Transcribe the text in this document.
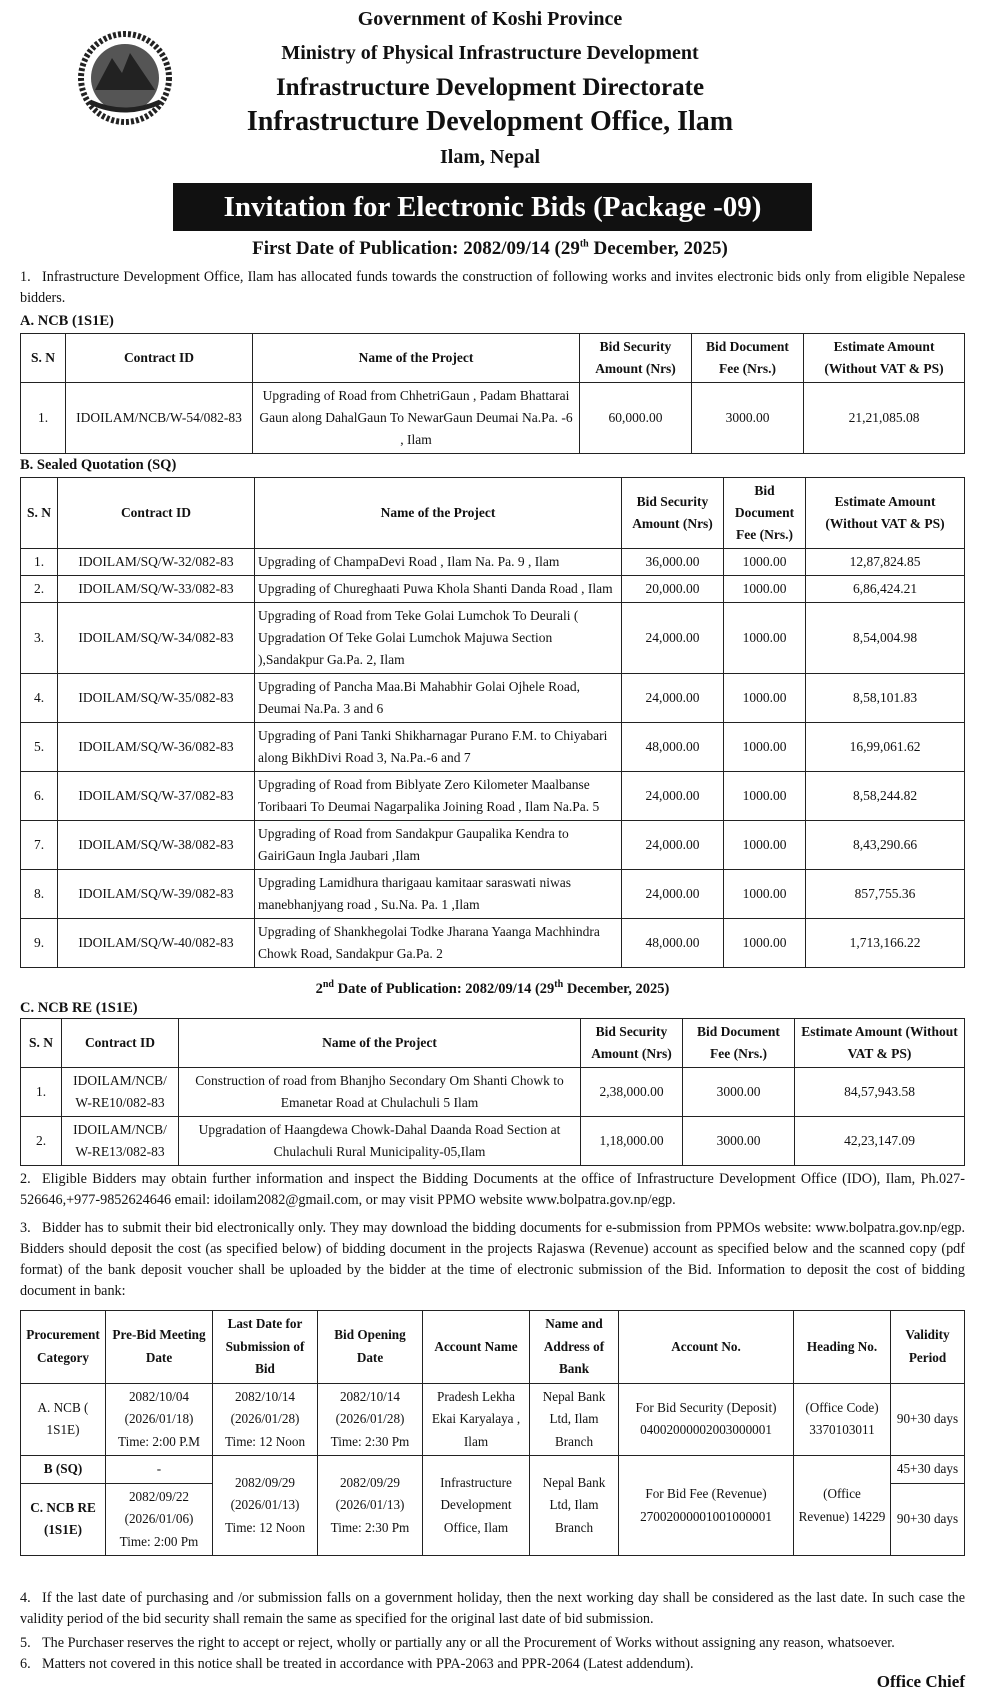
Government of Koshi Province
Ministry of Physical Infrastructure Development
Infrastructure Development Directorate
Infrastructure Development Office, Ilam
Ilam, Nepal
Invitation for Electronic Bids (Package -09)
First Date of Publication: 2082/09/14 (29th December, 2025)
1. Infrastructure Development Office, Ilam has allocated funds towards the construction of following works and invites electronic bids only from eligible Nepalese bidders.
A. NCB (1S1E)
S. N	Contract ID	Name of the Project	Bid Security Amount (Nrs)	Bid Document Fee (Nrs.)	Estimate Amount (Without VAT & PS)
1.	IDOILAM/NCB/W-54/082-83	Upgrading of Road from ChhetriGaun , Padam Bhattarai Gaun along DahalGaun To NewarGaun Deumai Na.Pa. -6 , Ilam	60,000.00	3000.00	21,21,085.08
B. Sealed Quotation (SQ)
S. N	Contract ID	Name of the Project	Bid Security Amount (Nrs)	Bid Document Fee (Nrs.)	Estimate Amount (Without VAT & PS)
1.	IDOILAM/SQ/W-32/082-83	Upgrading of ChampaDevi Road , Ilam Na. Pa. 9 , Ilam	36,000.00	1000.00	12,87,824.85
2.	IDOILAM/SQ/W-33/082-83	Upgrading of Chureghaati Puwa Khola Shanti Danda Road , Ilam	20,000.00	1000.00	6,86,424.21
3.	IDOILAM/SQ/W-34/082-83	Upgrading of Road from Teke Golai Lumchok To Deurali ( Upgradation Of Teke Golai Lumchok Majuwa Section ),Sandakpur Ga.Pa. 2, Ilam	24,000.00	1000.00	8,54,004.98
4.	IDOILAM/SQ/W-35/082-83	Upgrading of Pancha Maa.Bi Mahabhir Golai Ojhele Road, Deumai Na.Pa. 3 and 6	24,000.00	1000.00	8,58,101.83
5.	IDOILAM/SQ/W-36/082-83	Upgrading of Pani Tanki Shikharnagar Purano F.M. to Chiyabari along BikhDivi Road 3, Na.Pa.-6 and 7	48,000.00	1000.00	16,99,061.62
6.	IDOILAM/SQ/W-37/082-83	Upgrading of Road from Biblyate Zero Kilometer Maalbanse Toribaari To Deumai Nagarpalika Joining Road , Ilam Na.Pa. 5	24,000.00	1000.00	8,58,244.82
7.	IDOILAM/SQ/W-38/082-83	Upgrading of Road from Sandakpur Gaupalika Kendra to GairiGaun Ingla Jaubari ,Ilam	24,000.00	1000.00	8,43,290.66
8.	IDOILAM/SQ/W-39/082-83	Upgrading Lamidhura tharigaau kamitaar saraswati niwas manebhanjyang road , Su.Na. Pa. 1 ,Ilam	24,000.00	1000.00	857,755.36
9.	IDOILAM/SQ/W-40/082-83	Upgrading of Shankhegolai Todke Jharana Yaanga Machhindra Chowk Road, Sandakpur Ga.Pa. 2	48,000.00	1000.00	1,713,166.22
2nd Date of Publication: 2082/09/14 (29th December, 2025)
C. NCB RE (1S1E)
S. N	Contract ID	Name of the Project	Bid Security Amount (Nrs)	Bid Document Fee (Nrs.)	Estimate Amount (Without VAT & PS)
1.	IDOILAM/NCB/ W-RE10/082-83	Construction of road from Bhanjho Secondary Om Shanti Chowk to Emanetar Road at Chulachuli 5 Ilam	2,38,000.00	3000.00	84,57,943.58
2.	IDOILAM/NCB/ W-RE13/082-83	Upgradation of Haangdewa Chowk-Dahal Daanda Road Section at Chulachuli Rural Municipality-05,Ilam	1,18,000.00	3000.00	42,23,147.09
2. Eligible Bidders may obtain further information and inspect the Bidding Documents at the office of Infrastructure Development Office (IDO), Ilam, Ph.027-526646,+977-9852624646 email: idoilam2082@gmail.com, or may visit PPMO website www.bolpatra.gov.np/egp.
3. Bidder has to submit their bid electronically only. They may download the bidding documents for e-submission from PPMOs website: www.bolpatra.gov.np/egp. Bidders should deposit the cost (as specified below) of bidding document in the projects Rajaswa (Revenue) account as specified below and the scanned copy (pdf format) of the bank deposit voucher shall be uploaded by the bidder at the time of electronic submission of the Bid. Information to deposit the cost of bidding document in bank:
Procurement Category	Pre-Bid Meeting Date	Last Date for Submission of Bid	Bid Opening Date	Account Name	Name and Address of Bank	Account No.	Heading No.	Validity Period
A. NCB ( 1S1E)	2082/10/04 (2026/01/18) Time: 2:00 P.M	2082/10/14 (2026/01/28) Time: 12 Noon	2082/10/14 (2026/01/28) Time: 2:30 Pm	Pradesh Lekha Ekai Karyalaya , Ilam	Nepal Bank Ltd, Ilam Branch	For Bid Security (Deposit) 04002000002003000001	(Office Code) 3370103011	90+30 days
B (SQ)	-	2082/09/29 (2026/01/13) Time: 12 Noon	2082/09/29 (2026/01/13) Time: 2:30 Pm	Infrastructure Development Office, Ilam	Nepal Bank Ltd, Ilam Branch	For Bid Fee (Revenue) 27002000001001000001	(Office Revenue) 14229	45+30 days
C. NCB RE (1S1E)	2082/09/22 (2026/01/06) Time: 2:00 Pm							90+30 days
4. If the last date of purchasing and /or submission falls on a government holiday, then the next working day shall be considered as the last date. In such case the validity period of the bid security shall remain the same as specified for the original last date of bid submission.
5. The Purchaser reserves the right to accept or reject, wholly or partially any or all the Procurement of Works without assigning any reason, whatsoever.
6. Matters not covered in this notice shall be treated in accordance with PPA-2063 and PPR-2064 (Latest addendum).
Office Chief
